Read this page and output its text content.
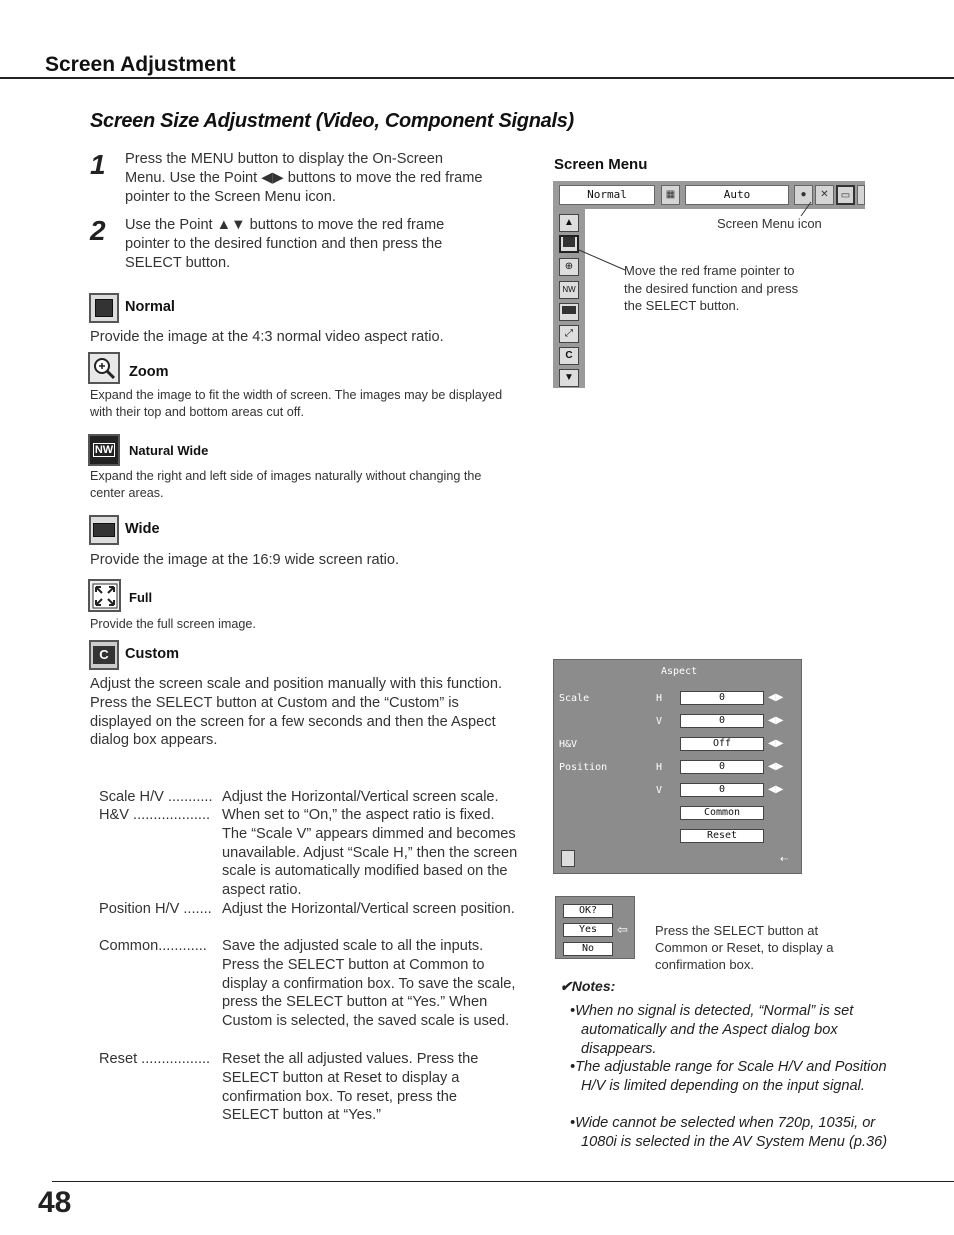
Screen Adjustment
Screen Size Adjustment (Video, Component Signals)
1 Press the MENU button to display the On-Screen Menu. Use the Point ◀▶ buttons to move the red frame pointer to the Screen Menu icon.
2 Use the Point ▲▼ buttons to move the red frame pointer to the desired function and then press the SELECT button.
Normal
Provide the image at the 4:3 normal video aspect ratio.
Zoom
Expand the image to fit the width of screen. The images may be displayed with their top and bottom areas cut off.
NW Natural Wide
Expand the right and left side of images naturally without changing the center areas.
Wide
Provide the image at the 16:9 wide screen ratio.
Full
Provide the full screen image.
C	Custom
Adjust the screen scale and position manually with this function.
Press the SELECT button at Custom and the “Custom” is displayed on the screen for a few seconds and then the Aspect dialog box appears.
Scale H/V ........... Adjust the Horizontal/Vertical screen scale.
H&V ................... When set to “On,” the aspect ratio is fixed. The “Scale V” appears dimmed and becomes unavailable. Adjust “Scale H,” then the screen scale is automatically modified based on the aspect ratio.
Position H/V ....... Adjust the Horizontal/Vertical screen position.
Common............ Save the adjusted scale to all the inputs. Press the SELECT button at Common to display a confirmation box. To save the scale, press the SELECT button at “Yes.” When Custom is selected, the saved scale is used.
Reset ................. Reset the all adjusted values. Press the SELECT button at Reset to display a confirmation box. To reset, press the SELECT button at “Yes.”
Screen Menu
Normal	▦	Auto	●	✕	▭
Screen Menu icon
▲
⊕
NW
⤢
C
▼
Move the red frame pointer to the desired function and press the SELECT button.
Aspect
Scale	H	0	◀▶
V	0	◀▶
H&V	Off	◀▶
Position	H	0	◀▶
V	0	◀▶
Common
Reset
⇠
OK?
Yes
No
⇦ Press the SELECT button at Common or Reset, to display a confirmation box.
✔Notes:
•When no signal is detected, “Normal” is set automatically and the Aspect dialog box disappears.
•The adjustable range for Scale H/V and Position H/V is limited depending on the input signal.
•Wide cannot be selected when 720p, 1035i, or 1080i is selected in the AV System Menu (p.36)
48
